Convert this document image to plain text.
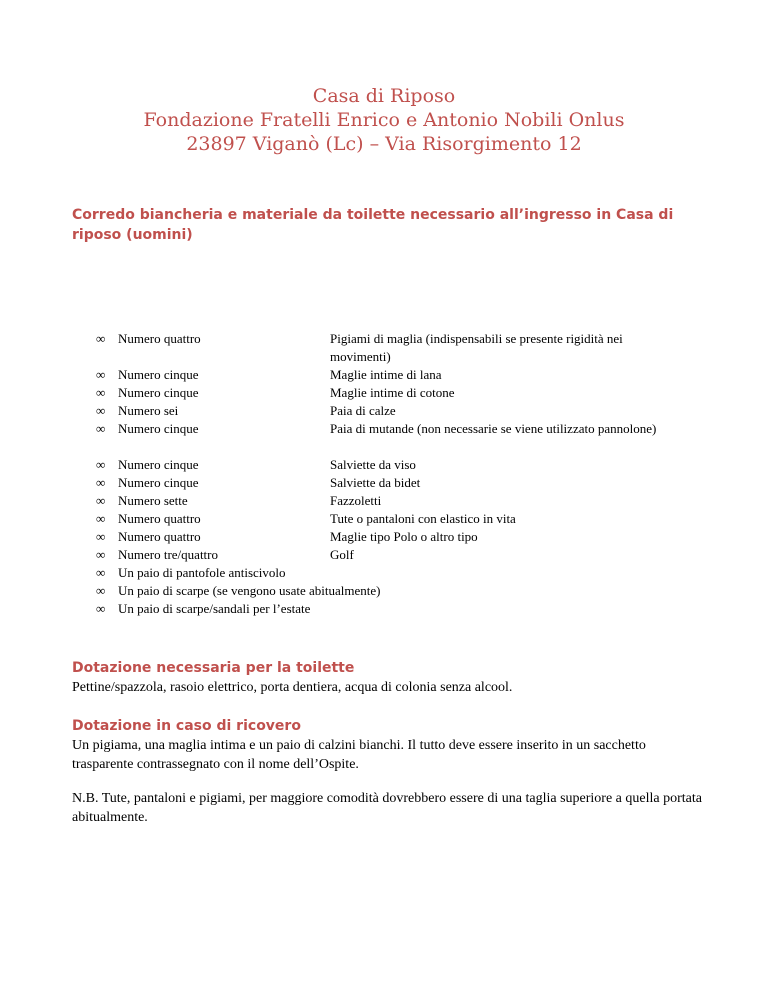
Casa di Riposo
Fondazione Fratelli Enrico e Antonio Nobili Onlus
23897 Viganò (Lc) – Via Risorgimento 12
Corredo biancheria e materiale da toilette necessario all’ingresso in Casa di riposo (uomini)
∞ Numero quattro	Pigiami di maglia (indispensabili se presente rigidità nei movimenti)
∞ Numero cinque	Maglie intime di lana
∞ Numero cinque	Maglie intime di cotone
∞ Numero sei	Paia di calze
∞ Numero cinque	Paia di mutande (non necessarie se viene utilizzato pannolone)
∞ Numero cinque	Salviette da viso
∞ Numero cinque	Salviette da bidet
∞ Numero sette	Fazzoletti
∞ Numero quattro	Tute o pantaloni con elastico in vita
∞ Numero quattro	Maglie tipo Polo o altro tipo
∞ Numero tre/quattro	Golf
∞ Un paio di pantofole antiscivolo
∞ Un paio di scarpe (se vengono usate abitualmente)
∞ Un paio di scarpe/sandali per l’estate
Dotazione necessaria per la toilette
Pettine/spazzola, rasoio elettrico, porta dentiera, acqua di colonia senza alcool.
Dotazione in caso di ricovero
Un pigiama, una maglia intima e un paio di calzini bianchi. Il tutto deve essere inserito in un sacchetto trasparente contrassegnato con il nome dell’Ospite.
N.B. Tute, pantaloni e pigiami, per maggiore comodità dovrebbero essere di una taglia superiore a quella portata abitualmente.
